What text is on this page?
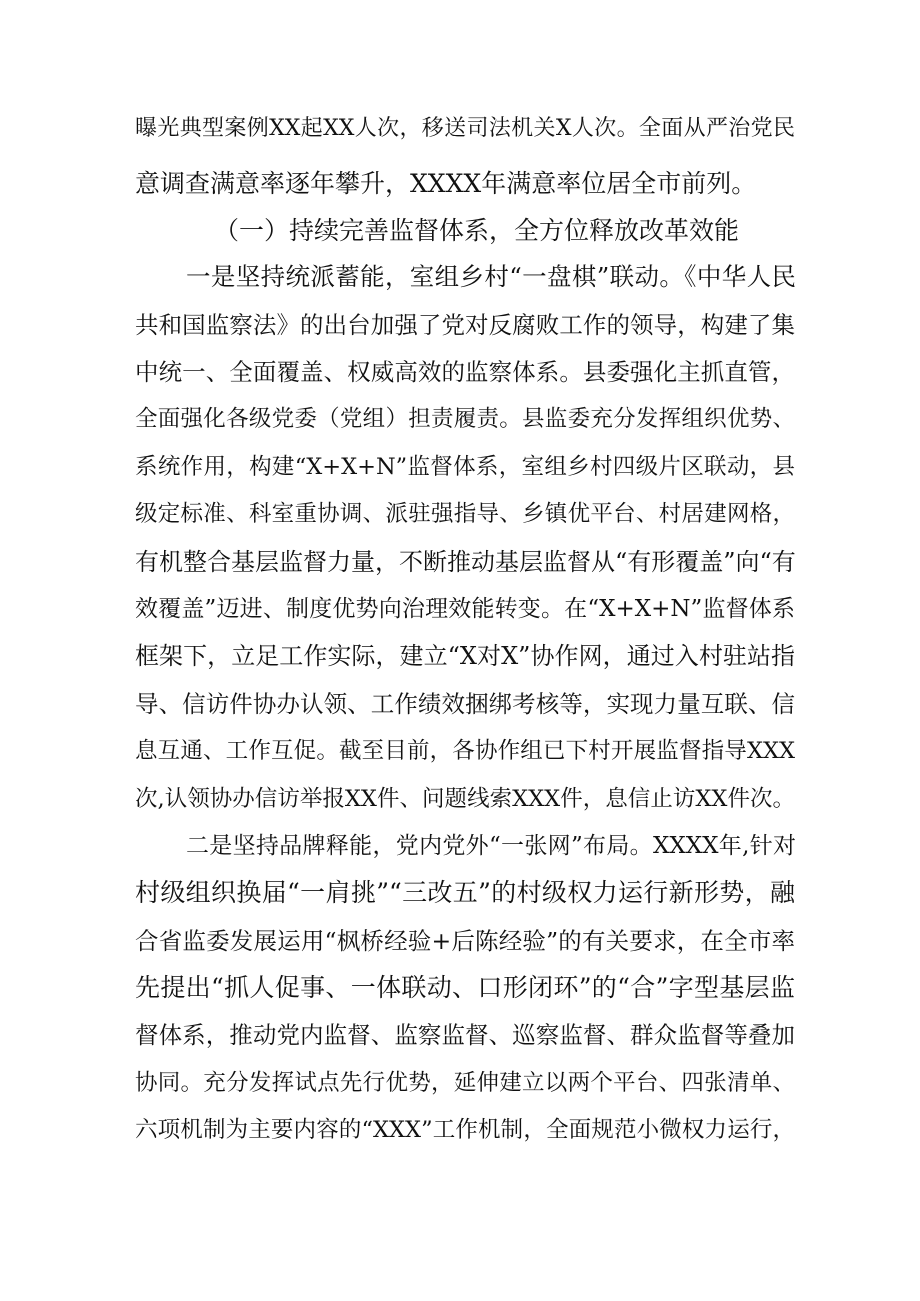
曝光典型案例XX起XX人次，移送司法机关X人次。全面从严治党民
意调查满意率逐年攀升，XXXX年满意率位居全市前列。
（一）持续完善监督体系，全方位释放改革效能
一是坚持统派蓄能，室组乡村“一盘棋”联动。《中华人民
共和国监察法》的出台加强了党对反腐败工作的领导，构建了集
中统一、全面覆盖、权威高效的监察体系。县委强化主抓直管，
全面强化各级党委（党组）担责履责。县监委充分发挥组织优势、
系统作用，构建“X+X+N”监督体系，室组乡村四级片区联动，县
级定标准、科室重协调、派驻强指导、乡镇优平台、村居建网格，
有机整合基层监督力量，不断推动基层监督从“有形覆盖”向“有
效覆盖”迈进、制度优势向治理效能转变。在“X+X+N”监督体系
框架下，立足工作实际，建立“X对X”协作网，通过入村驻站指
导、信访件协办认领、工作绩效捆绑考核等，实现力量互联、信
息互通、工作互促。截至目前，各协作组已下村开展监督指导XXX
次,认领协办信访举报XX件、问题线索XXX件，息信止访XX件次。
二是坚持品牌释能，党内党外“一张网”布局。XXXX年,针对
村级组织换届“一肩挑”“三改五”的村级权力运行新形势，融
合省监委发展运用“枫桥经验+后陈经验”的有关要求，在全市率
先提出“抓人促事、一体联动、口形闭环”的“合”字型基层监
督体系，推动党内监督、监察监督、巡察监督、群众监督等叠加
协同。充分发挥试点先行优势，延伸建立以两个平台、四张清单、
六项机制为主要内容的“XXX”工作机制，全面规范小微权力运行，
